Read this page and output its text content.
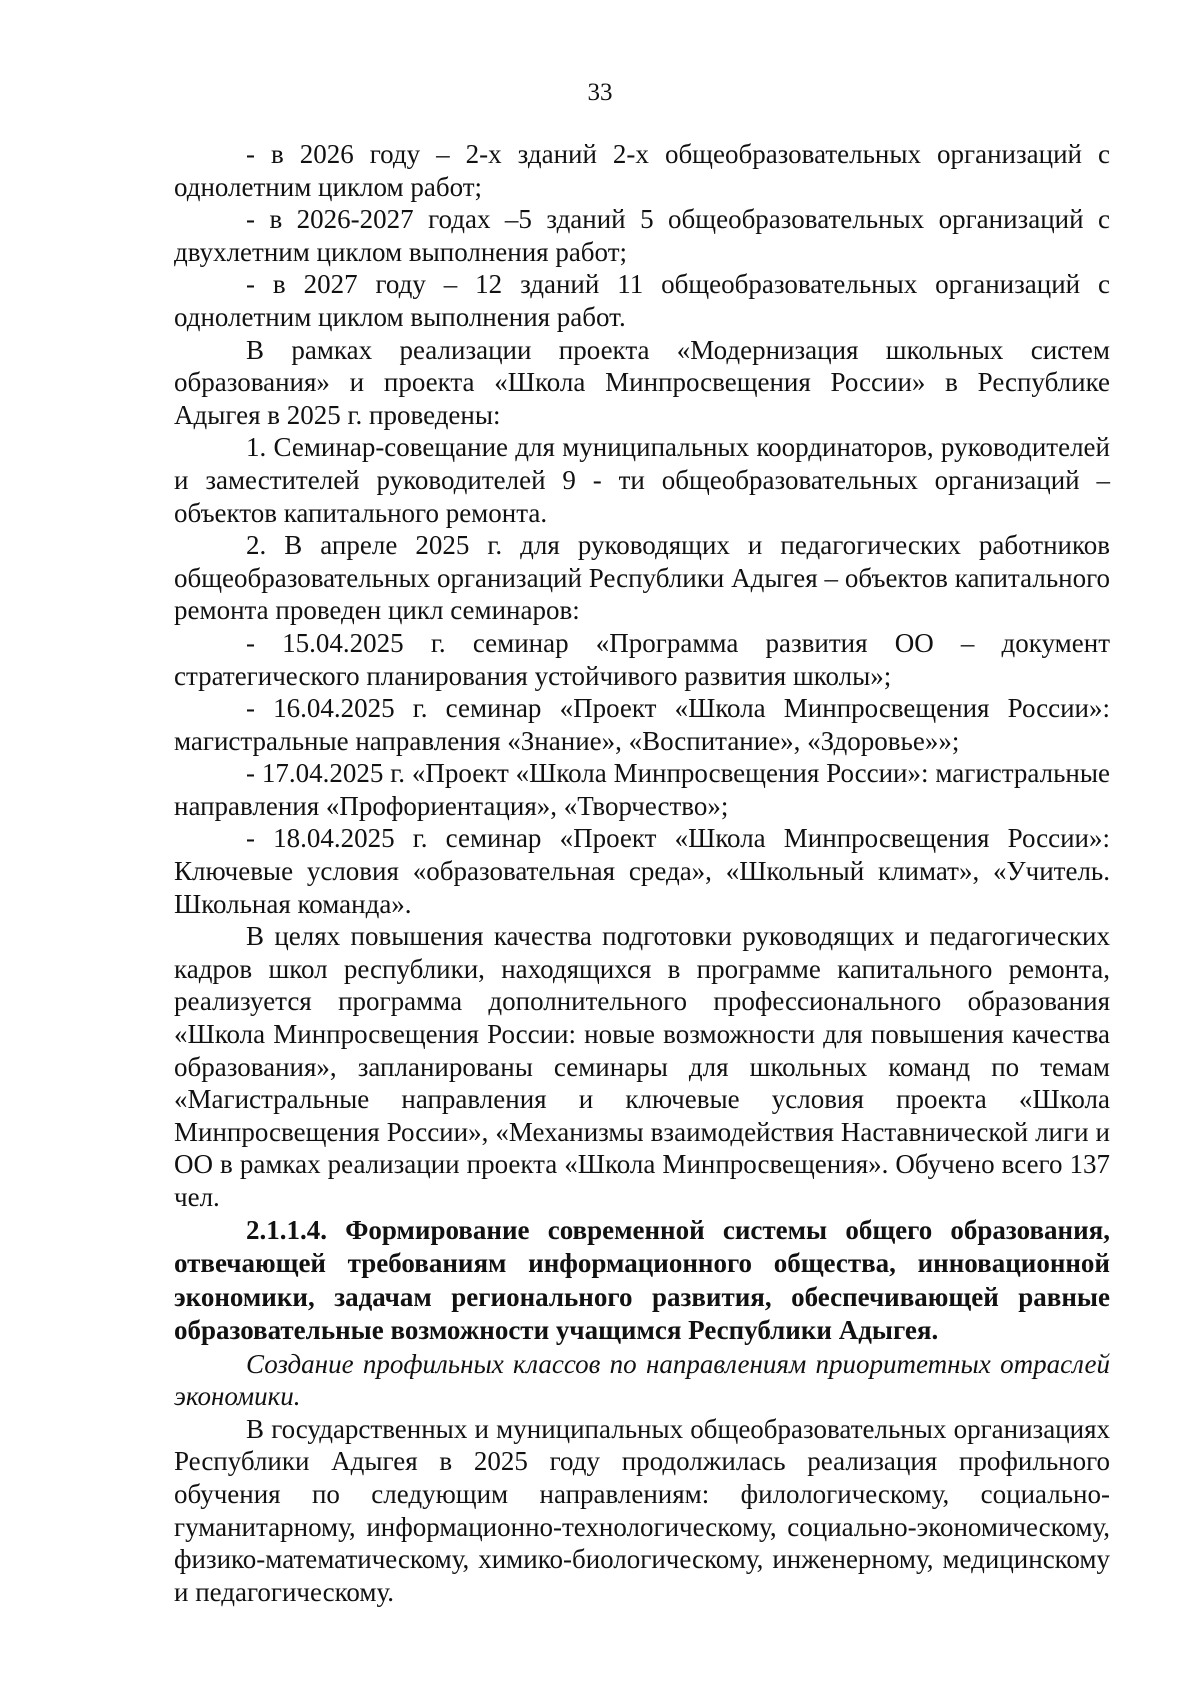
33

- в 2026 году – 2-х зданий 2-х общеобразовательных организаций с однолетним циклом работ;

- в 2026-2027 годах –5 зданий 5 общеобразовательных организаций с двухлетним циклом выполнения работ;

- в 2027 году – 12 зданий 11 общеобразовательных организаций с однолетним циклом выполнения работ.

В рамках реализации проекта «Модернизация школьных систем образования» и проекта «Школа Минпросвещения России» в Республике Адыгея в 2025 г. проведены:

1. Семинар-совещание для муниципальных координаторов, руководителей и заместителей руководителей 9 - ти общеобразовательных организаций – объектов капитального ремонта.

2. В апреле 2025 г. для руководящих и педагогических работников общеобразовательных организаций Республики Адыгея – объектов капитального ремонта проведен цикл семинаров:

- 15.04.2025 г. семинар «Программа развития ОО – документ стратегического планирования устойчивого развития школы»;

- 16.04.2025 г. семинар «Проект «Школа Минпросвещения России»: магистральные направления «Знание», «Воспитание», «Здоровье»»;

- 17.04.2025 г. «Проект «Школа Минпросвещения России»: магистральные направления «Профориентация», «Творчество»;

- 18.04.2025 г. семинар «Проект «Школа Минпросвещения России»: Ключевые условия «образовательная среда», «Школьный климат», «Учитель. Школьная команда».

В целях повышения качества подготовки руководящих и педагогических кадров школ республики, находящихся в программе капитального ремонта, реализуется программа дополнительного профессионального образования «Школа Минпросвещения России: новые возможности для повышения качества образования», запланированы семинары для школьных команд по темам «Магистральные направления и ключевые условия проекта «Школа Минпросвещения России», «Механизмы взаимодействия Наставнической лиги и ОО в рамках реализации проекта «Школа Минпросвещения». Обучено всего 137 чел.

2.1.1.4. Формирование современной системы общего образования, отвечающей требованиям информационного общества, инновационной экономики, задачам регионального развития, обеспечивающей равные образовательные возможности учащимся Республики Адыгея.

Создание профильных классов по направлениям приоритетных отраслей экономики.

В государственных и муниципальных общеобразовательных организациях Республики Адыгея в 2025 году продолжилась реализация профильного обучения по следующим направлениям: филологическому, социально-гуманитарному, информационно-технологическому, социально-экономическому, физико-математическому, химико-биологическому, инженерному, медицинскому и педагогическому.
